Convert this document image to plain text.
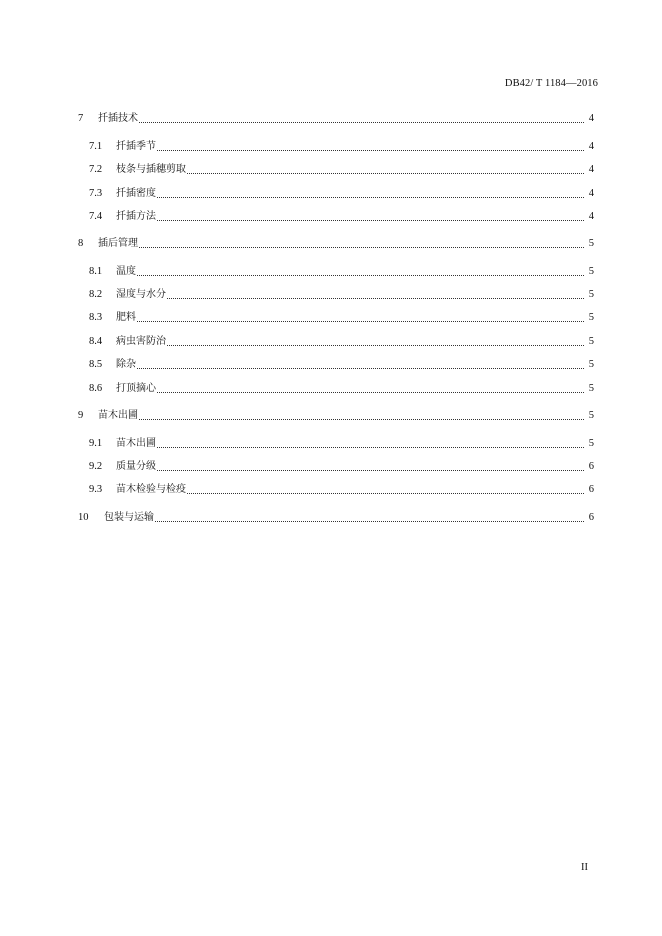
DB42/ T 1184—2016
7	扦插技术	4
7.1	扦插季节	4
7.2	枝条与插穗剪取	4
7.3	扦插密度	4
7.4	扦插方法	4
8	插后管理	5
8.1	温度	5
8.2	湿度与水分	5
8.3	肥料	5
8.4	病虫害防治	5
8.5	除杂	5
8.6	打顶摘心	5
9	苗木出圃	5
9.1	苗木出圃	5
9.2	质量分级	6
9.3	苗木检验与检疫	6
10	包装与运输	6
II
